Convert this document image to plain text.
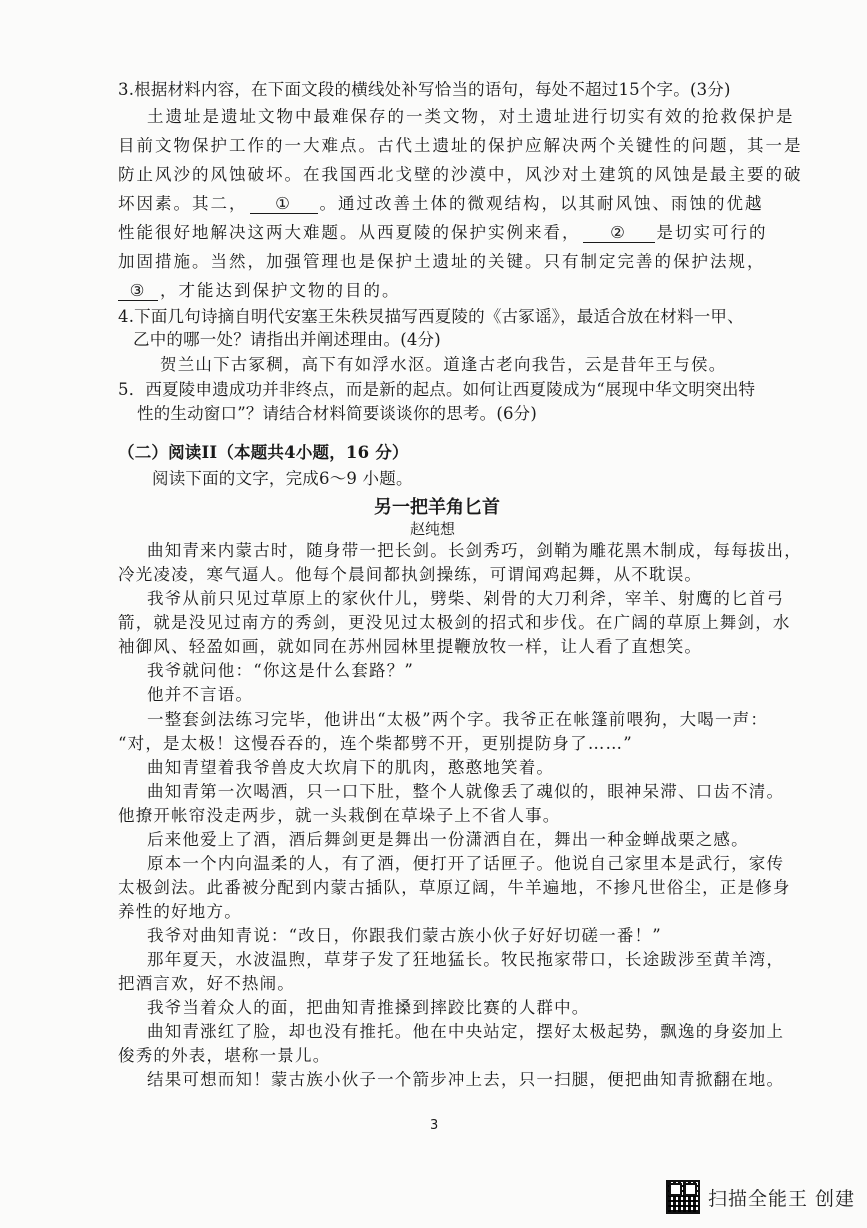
3.根据材料内容，在下面文段的横线处补写恰当的语句，每处不超过15个字。(3分)
土遗址是遗址文物中最难保存的一类文物，对土遗址进行切实有效的抢救保护是
目前文物保护工作的一大难点。古代土遗址的保护应解决两个关键性的问题，其一是
防止风沙的风蚀破坏。在我国西北戈壁的沙漠中，风沙对土建筑的风蚀是最主要的破
坏因素。其二， ① 。通过改善土体的微观结构，以其耐风蚀、雨蚀的优越
性能很好地解决这两大难题。从西夏陵的保护实例来看， ② 是切实可行的
加固措施。当然，加强管理也是保护土遗址的关键。只有制定完善的保护法规，
③ ，才能达到保护文物的目的。
4.下面几句诗摘自明代安塞王朱秩炅描写西夏陵的《古冢谣》，最适合放在材料一甲、
乙中的哪一处？请指出并阐述理由。(4分)
贺兰山下古冢稠，高下有如浮水沤。道逢古老向我告，云是昔年王与侯。
5．西夏陵申遗成功并非终点，而是新的起点。如何让西夏陵成为“展现中华文明突出特
性的生动窗口”？请结合材料简要谈谈你的思考。(6分)
（二）阅读II（本题共4小题，16 分）
阅读下面的文字，完成6～9 小题。
另一把羊角匕首
赵纯想
曲知青来内蒙古时，随身带一把长剑。长剑秀巧，剑鞘为雕花黑木制成，每每拔出，
冷光凌凌，寒气逼人。他每个晨间都执剑操练，可谓闻鸡起舞，从不耽误。
我爷从前只见过草原上的家伙什儿，劈柴、剁骨的大刀利斧，宰羊、射鹰的匕首弓
箭，就是没见过南方的秀剑，更没见过太极剑的招式和步伐。在广阔的草原上舞剑，水
袖御风、轻盈如画，就如同在苏州园林里提鞭放牧一样，让人看了直想笑。
我爷就问他：“你这是什么套路？”
他并不言语。
一整套剑法练习完毕，他讲出“太极”两个字。我爷正在帐篷前喂狗，大喝一声：
“对，是太极！这慢吞吞的，连个柴都劈不开，更别提防身了……”
曲知青望着我爷兽皮大坎肩下的肌肉，憨憨地笑着。
曲知青第一次喝酒，只一口下肚，整个人就像丢了魂似的，眼神呆滞、口齿不清。
他撩开帐帘没走两步，就一头栽倒在草垛子上不省人事。
后来他爱上了酒，酒后舞剑更是舞出一份潇洒自在，舞出一种金蝉战栗之感。
原本一个内向温柔的人，有了酒，便打开了话匣子。他说自己家里本是武行，家传
太极剑法。此番被分配到内蒙古插队，草原辽阔，牛羊遍地，不掺凡世俗尘，正是修身
养性的好地方。
我爷对曲知青说：“改日，你跟我们蒙古族小伙子好好切磋一番！”
那年夏天，水波温煦，草芽子发了狂地猛长。牧民拖家带口，长途跋涉至黄羊湾，
把酒言欢，好不热闹。
我爷当着众人的面，把曲知青推搡到摔跤比赛的人群中。
曲知青涨红了脸，却也没有推托。他在中央站定，摆好太极起势，飘逸的身姿加上
俊秀的外表，堪称一景儿。
结果可想而知！蒙古族小伙子一个箭步冲上去，只一扫腿，便把曲知青掀翻在地。
3
扫描全能王 创建
